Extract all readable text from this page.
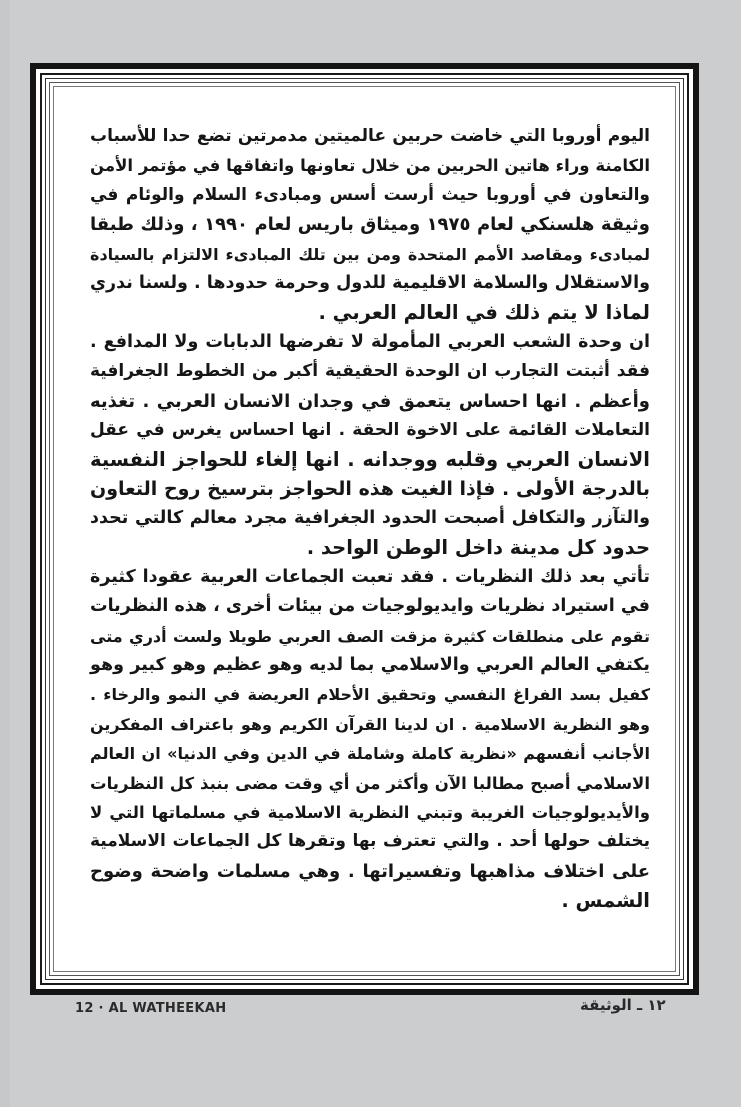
اليوم أوروبا التي خاضت حربين عالميتين مدمرتين تضع حدا للأسباب
الكامنة وراء هاتين الحربين من خلال تعاونها واتفاقها في مؤتمر الأمن
والتعاون في أوروبا حيث أرست أسس ومبادىء السلام والوئام في
وثيقة هلسنكي لعام ١٩٧٥ وميثاق باريس لعام ١٩٩٠ ، وذلك طبقا
لمبادىء ومقاصد الأمم المتحدة ومن بين تلك المبادىء الالتزام بالسيادة
والاستقلال والسلامة الاقليمية للدول وحرمة حدودها . ولسنا ندري
لماذا لا يتم ذلك في العالم العربي .
ان وحدة الشعب العربي المأمولة لا تفرضها الدبابات ولا المدافع .
فقد أثبتت التجارب ان الوحدة الحقيقية أكبر من الخطوط الجغرافية
وأعظم . انها احساس يتعمق في وجدان الانسان العربي . تغذيه
التعاملات القائمة على الاخوة الحقة . انها احساس يغرس في عقل
الانسان العربي وقلبه ووجدانه . انها إلغاء للحواجز النفسية
بالدرجة الأولى . فإذا الغيت هذه الحواجز بترسيخ روح التعاون
والتآزر والتكافل أصبحت الحدود الجغرافية مجرد معالم كالتي تحدد
حدود كل مدينة داخل الوطن الواحد .
تأتي بعد ذلك النظريات . فقد تعبت الجماعات العربية عقودا كثيرة
في استيراد نظريات وايديولوجيات من بيئات أخرى ، هذه النظريات
تقوم على منطلقات كثيرة مزقت الصف العربي طويلا ولست أدري متى
يكتفي العالم العربي والاسلامي بما لديه وهو عظيم وهو كبير وهو
كفيل بسد الفراغ النفسي وتحقيق الأحلام العريضة في النمو والرخاء .
وهو النظرية الاسلامية . ان لدينا القرآن الكريم وهو باعتراف المفكرين
الأجانب أنفسهم «نظرية كاملة وشاملة في الدين وفي الدنيا» ان العالم
الاسلامي أصبح مطالبا الآن وأكثر من أي وقت مضى بنبذ كل النظريات
والأيديولوجيات الغريبة وتبني النظرية الاسلامية في مسلماتها التي لا
يختلف حولها أحد . والتي تعترف بها وتقرها كل الجماعات الاسلامية
على اختلاف مذاهبها وتفسيراتها . وهي مسلمات واضحة وضوح
الشمس .
12 · AL WATHEEKAH	١٢ ـ الوثيقة
